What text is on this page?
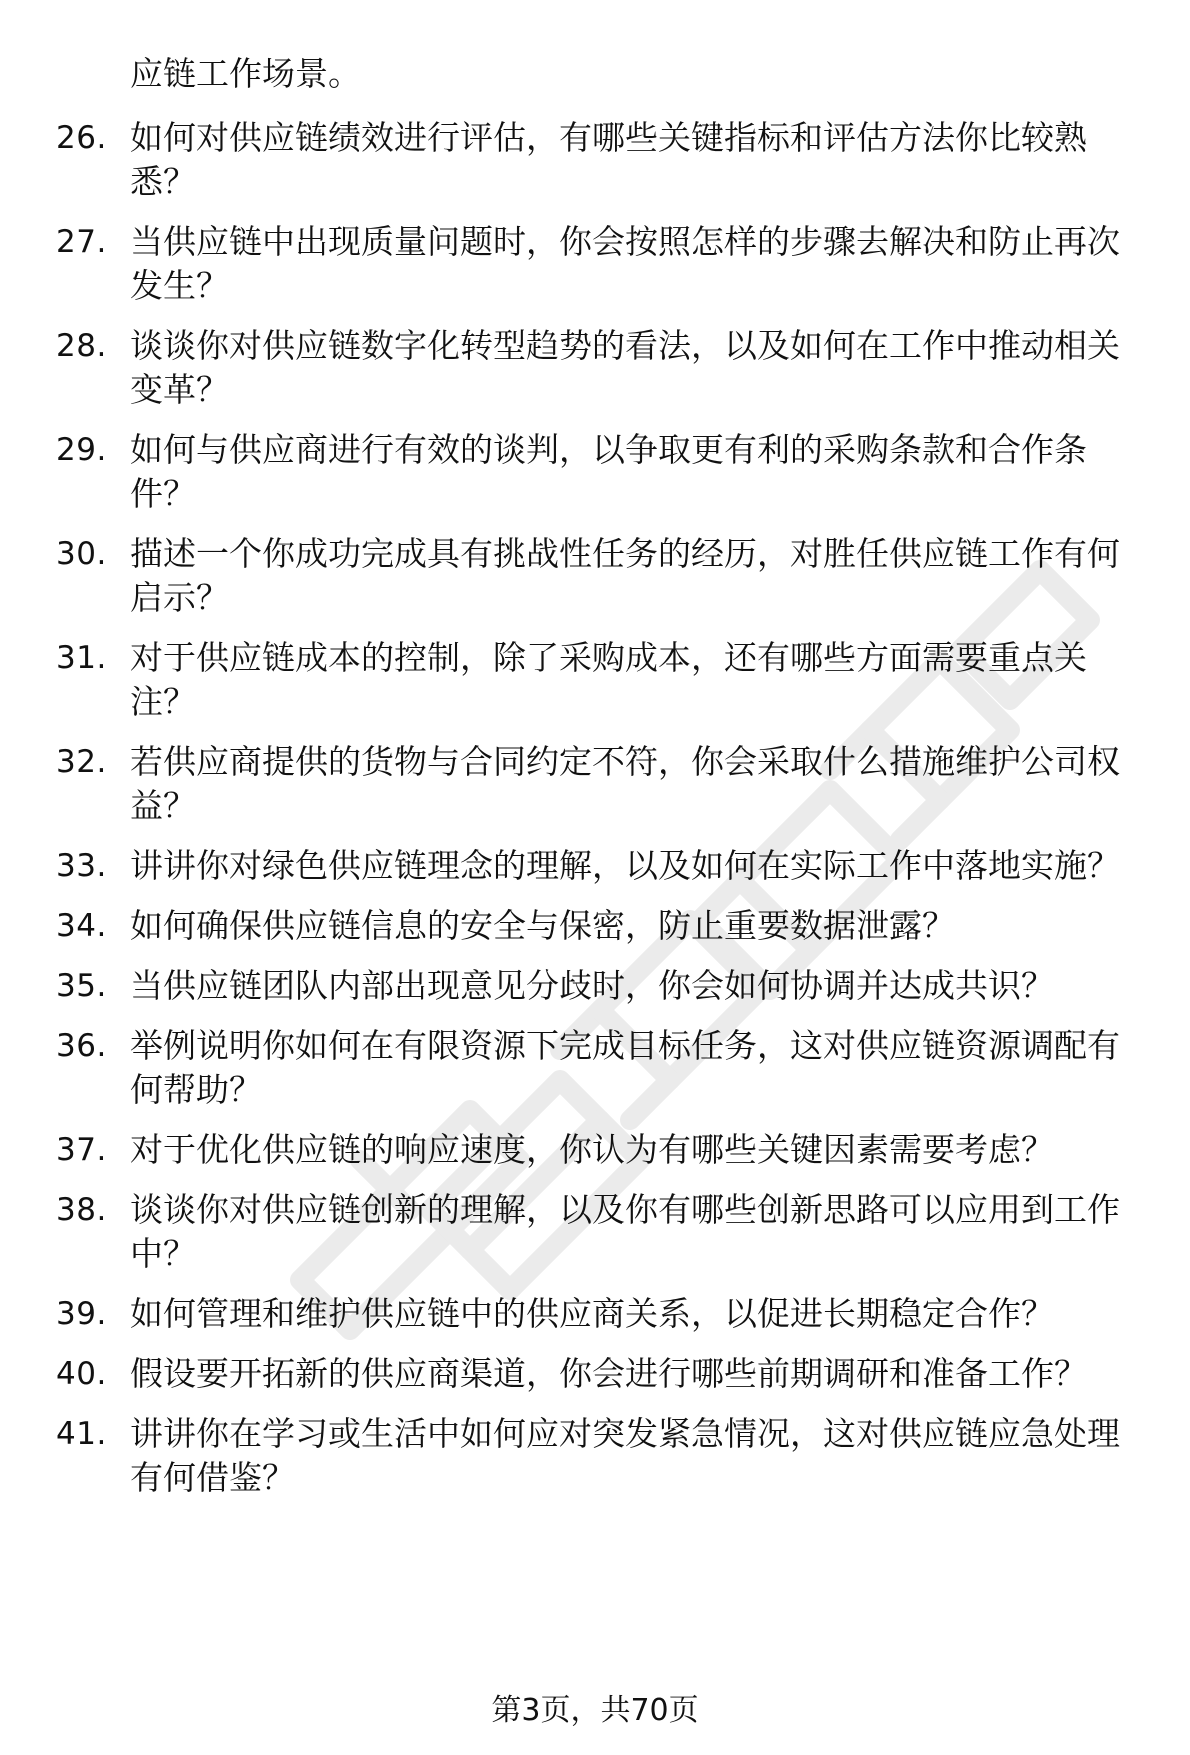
应链工作场景。
26. 如何对供应链绩效进行评估，有哪些关键指标和评估方法你比较熟悉？
27. 当供应链中出现质量问题时，你会按照怎样的步骤去解决和防止再次发生？
28. 谈谈你对供应链数字化转型趋势的看法，以及如何在工作中推动相关变革？
29. 如何与供应商进行有效的谈判，以争取更有利的采购条款和合作条件？
30. 描述一个你成功完成具有挑战性任务的经历，对胜任供应链工作有何启示？
31. 对于供应链成本的控制，除了采购成本，还有哪些方面需要重点关注？
32. 若供应商提供的货物与合同约定不符，你会采取什么措施维护公司权益？
33. 讲讲你对绿色供应链理念的理解，以及如何在实际工作中落地实施？
34. 如何确保供应链信息的安全与保密，防止重要数据泄露？
35. 当供应链团队内部出现意见分歧时，你会如何协调并达成共识？
36. 举例说明你如何在有限资源下完成目标任务，这对供应链资源调配有何帮助？
37. 对于优化供应链的响应速度，你认为有哪些关键因素需要考虑？
38. 谈谈你对供应链创新的理解，以及你有哪些创新思路可以应用到工作中？
39. 如何管理和维护供应链中的供应商关系，以促进长期稳定合作？
40. 假设要开拓新的供应商渠道，你会进行哪些前期调研和准备工作？
41. 讲讲你在学习或生活中如何应对突发紧急情况，这对供应链应急处理有何借鉴？
第3页，共70页
